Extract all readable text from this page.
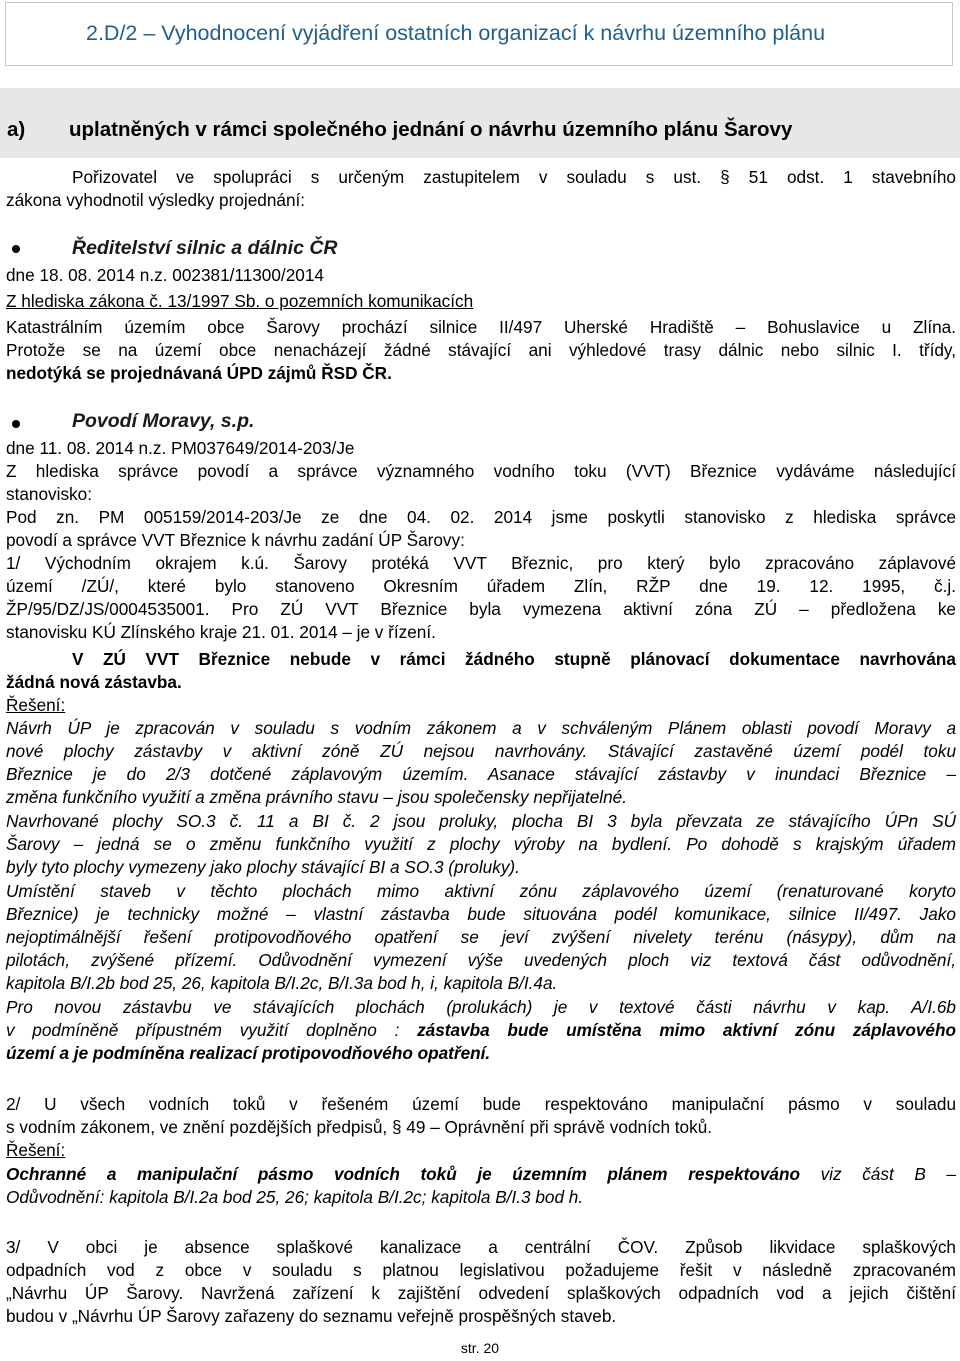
2.D/2 – Vyhodnocení vyjádření ostatních organizací k návrhu územního plánu
a) uplatněných v rámci společného jednání o návrhu územního plánu Šarovy
Pořizovatel ve spolupráci s určeným zastupitelem v souladu s ust. § 51 odst. 1 stavebního
zákona vyhodnotil výsledky projednání:
Ředitelství silnic a dálnic ČR
dne 18. 08. 2014 n.z. 002381/11300/2014
Z hlediska zákona č. 13/1997 Sb. o pozemních komunikacích
Katastrálním územím obce Šarovy prochází silnice II/497 Uherské Hradiště – Bohuslavice u Zlína.
Protože se na území obce nenacházejí žádné stávající ani výhledové trasy dálnic nebo silnic I. třídy,
nedotýká se projednávaná ÚPD zájmů ŘSD ČR.
Povodí Moravy, s.p.
dne 11. 08. 2014 n.z. PM037649/2014-203/Je
Z hlediska správce povodí a správce významného vodního toku (VVT) Březnice vydáváme následující
stanovisko:
Pod zn. PM 005159/2014-203/Je ze dne 04. 02. 2014 jsme poskytli stanovisko z hlediska správce
povodí a správce VVT Březnice k návrhu zadání ÚP Šarovy:
1/ Východním okrajem k.ú. Šarovy protéká VVT Březnic, pro který bylo zpracováno záplavové
území /ZÚ/, které bylo stanoveno Okresním úřadem Zlín, RŽP dne 19. 12. 1995, č.j.
ŽP/95/DZ/JS/0004535001. Pro ZÚ VVT Březnice byla vymezena aktivní zóna ZÚ – předložena ke
stanovisku KÚ Zlínského kraje 21. 01. 2014 – je v řízení.
V ZÚ VVT Březnice nebude v rámci žádného stupně plánovací dokumentace navrhována
žádná nová zástavba.
Řešení:
Návrh ÚP je zpracován v souladu s vodním zákonem a v schváleným Plánem oblasti povodí Moravy a
nové plochy zástavby v aktivní zóně ZÚ nejsou navrhovány. Stávající zastavěné území podél toku
Březnice je do 2/3 dotčené záplavovým územím. Asanace stávající zástavby v inundaci Březnice –
změna funkčního využití a změna právního stavu – jsou společensky nepřijatelné.
Navrhované plochy SO.3 č. 11 a BI č. 2 jsou proluky, plocha BI 3 byla převzata ze stávajícího ÚPn SÚ
Šarovy – jedná se o změnu funkčního využití z plochy výroby na bydlení. Po dohodě s krajským úřadem
byly tyto plochy vymezeny jako plochy stávající BI a SO.3 (proluky).
Umístění staveb v těchto plochách mimo aktivní zónu záplavového území (renaturované koryto
Březnice) je technicky možné – vlastní zástavba bude situována podél komunikace, silnice II/497. Jako
nejoptimálnější řešení protipovodňového opatření se jeví zvýšení nivelety terénu (násypy), dům na
pilotách, zvýšené přízemí. Odůvodnění vymezení výše uvedených ploch viz textová část odůvodnění,
kapitola B/I.2b bod 25, 26, kapitola B/I.2c, B/I.3a bod h, i, kapitola B/I.4a.
Pro novou zástavbu ve stávajících plochách (prolukách) je v textové části návrhu v kap. A/I.6b
v podmíněně přípustném využití doplněno : zástavba bude umístěna mimo aktivní zónu záplavového
území a je podmíněna realizací protipovodňového opatření.
2/ U všech vodních toků v řešeném území bude respektováno manipulační pásmo v souladu
s vodním zákonem, ve znění pozdějších předpisů, § 49 – Oprávnění při správě vodních toků.
Řešení:
Ochranné a manipulační pásmo vodních toků je územním plánem respektováno viz část B –
Odůvodnění: kapitola B/I.2a bod 25, 26; kapitola B/I.2c; kapitola B/I.3 bod h.
3/ V obci je absence splaškové kanalizace a centrální ČOV. Způsob likvidace splaškových
odpadních vod z obce v souladu s platnou legislativou požadujeme řešit v následně zpracovaném
„Návrhu ÚP Šarovy. Navržená zařízení k zajištění odvedení splaškových odpadních vod a jejich čištění
budou v „Návrhu ÚP Šarovy zařazeny do seznamu veřejně prospěšných staveb.
str. 20
